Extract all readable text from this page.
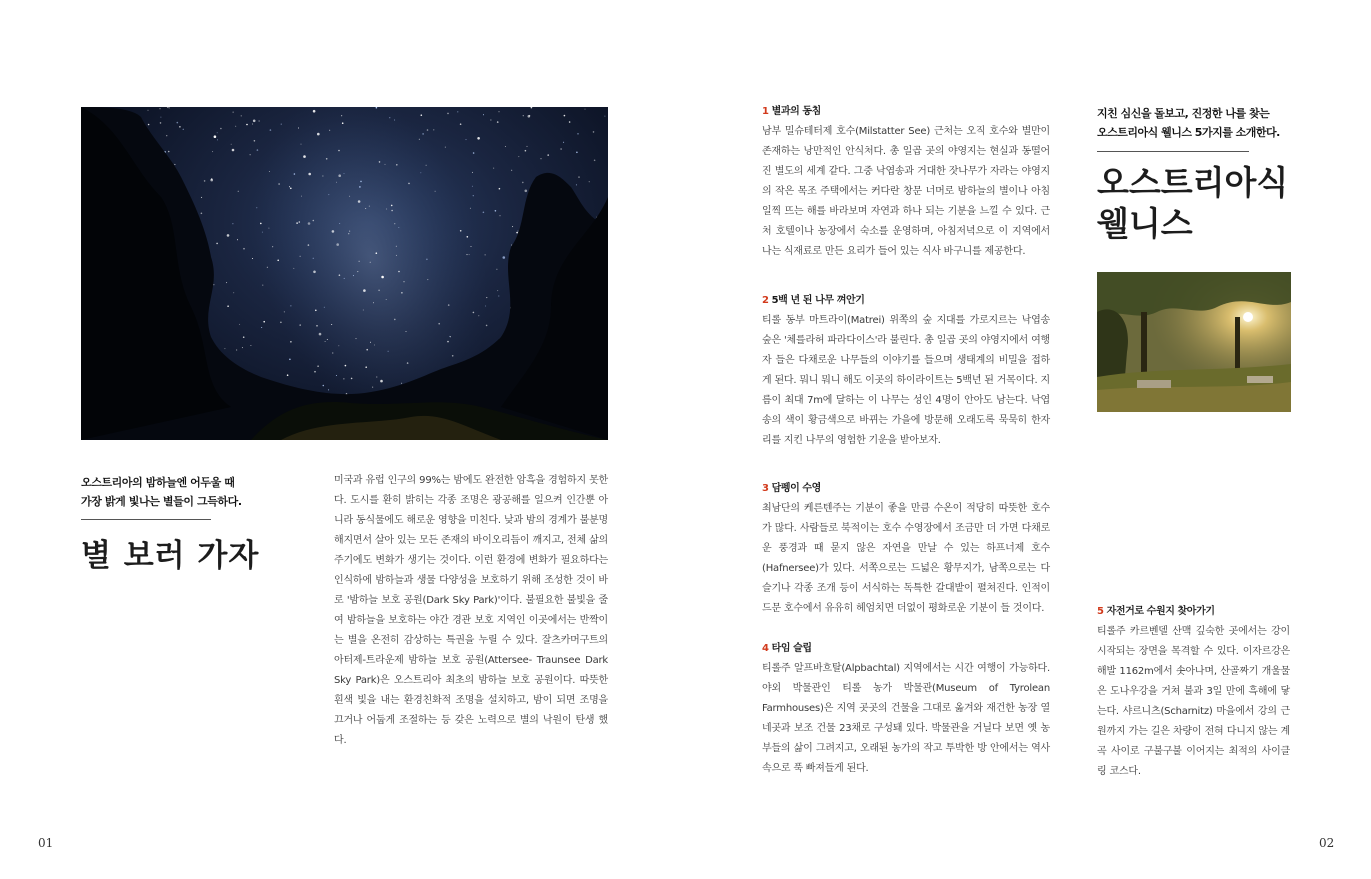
오스트리아의 밤하늘엔 어두울 때
가장 밝게 빛나는 별들이 그득하다.
별 보러 가자
미국과 유럽 인구의 99%는 밤에도 완전한 암흑을 경험하지 못한다. 도시를 환히 밝히는 각종 조명은 광공해를 일으켜 인간뿐 아니라 동식물에도 해로운 영향을 미친다. 낮과 밤의 경계가 불분명해지면서 살아 있는 모든 존재의 바이오리듬이 깨지고, 전체 삶의 주기에도 변화가 생기는 것이다. 이런 환경에 변화가 필요하다는 인식하에 밤하늘과 생물 다양성을 보호하기 위해 조성한 것이 바로 '밤하늘 보호 공원(Dark Sky Park)'이다. 불필요한 불빛을 줄여 밤하늘을 보호하는 야간 경관 보호 지역인 이곳에서는 반짝이는 별을 온전히 감상하는 특권을 누릴 수 있다. 잘츠카머구트의 아터제-트라운제 밤하늘 보호 공원(Attersee- Traunsee Dark Sky Park)은 오스트리아 최초의 밤하늘 보호 공원이다. 따뜻한 흰색 빛을 내는 환경친화적 조명을 설치하고, 밤이 되면 조명을 끄거나 어둡게 조절하는 등 갖은 노력으로 별의 낙원이 탄생 했다.
01
1 별과의 동침
남부 밀슈테터제 호수(Milstatter See) 근처는 오직 호수와 별만이 존재하는 낭만적인 안식처다. 총 일곱 곳의 야영지는 현실과 동떨어진 별도의 세계 같다. 그중 낙엽송과 거대한 잣나무가 자라는 야영지의 작은 목조 주택에서는 커다란 창문 너머로 밤하늘의 별이나 아침 일찍 뜨는 해를 바라보며 자연과 하나 되는 기분을 느낄 수 있다. 근처 호텔이나 농장에서 숙소를 운영하며, 아침저녁으로 이 지역에서 나는 식재료로 만든 요리가 들어 있는 식사 바구니를 제공한다.
2 5백 년 된 나무 껴안기
티롤 동부 마트라이(Matrei) 위쪽의 숲 지대를 가로지르는 낙엽송 숲은 '체를라허 파라다이스'라 불린다. 총 일곱 곳의 야영지에서 여행자 들은 다채로운 나무들의 이야기를 들으며 생태계의 비밀을 접하게 된다. 뭐니 뭐니 해도 이곳의 하이라이트는 5백년 된 거목이다. 지름이 최대 7m에 달하는 이 나무는 성인 4명이 안아도 남는다. 낙엽송의 색이 황금색으로 바뀌는 가을에 방문해 오래도록 묵묵히 한자리를 지킨 나무의 영험한 기운을 받아보자.
3 담펭이 수영
최남단의 케른텐주는 기분이 좋을 만큼 수온이 적당히 따뜻한 호수가 많다. 사람들로 북적이는 호수 수영장에서 조금만 더 가면 다채로운 풍경과 때 묻지 않은 자연을 만날 수 있는 하프너제 호수(Hafnersee)가 있다. 서쪽으로는 드넓은 황무지가, 남쪽으로는 다슬기나 각종 조개 등이 서식하는 독특한 갈대밭이 펼쳐진다. 인적이 드문 호수에서 유유히 헤엄치면 더없이 평화로운 기분이 들 것이다.
4 타임 슬립
티롤주 알프바흐탈(Alpbachtal) 지역에서는 시간 여행이 가능하다. 야외 박물관인 티롤 농가 박물관(Museum of Tyrolean Farmhouses)은 지역 곳곳의 건물을 그대로 옮겨와 재건한 농장 열 네곳과 보조 건물 23채로 구성돼 있다. 박물관을 거닐다 보면 옛 농부들의 삶이 그려지고, 오래된 농가의 작고 투박한 방 안에서는 역사 속으로 푹 빠져들게 된다.
지친 심신을 돌보고, 진정한 나를 찾는
오스트리아식 웰니스 5가지를 소개한다.
오스트리아식 웰니스
5 자전거로 수원지 찾아가기
티롤주 카르벤델 산맥 깊숙한 곳에서는 강이 시작되는 장면을 목격할 수 있다. 이자르강은 해발 1162m에서 솟아나며, 산골짜기 개울물은 도나우강을 거쳐 불과 3일 만에 흑해에 닿는다. 샤르니츠(Scharnitz) 마을에서 강의 근원까지 가는 길은 차량이 전혀 다니지 않는 계곡 사이로 구불구불 이어지는 최적의 사이클링 코스다.
02
